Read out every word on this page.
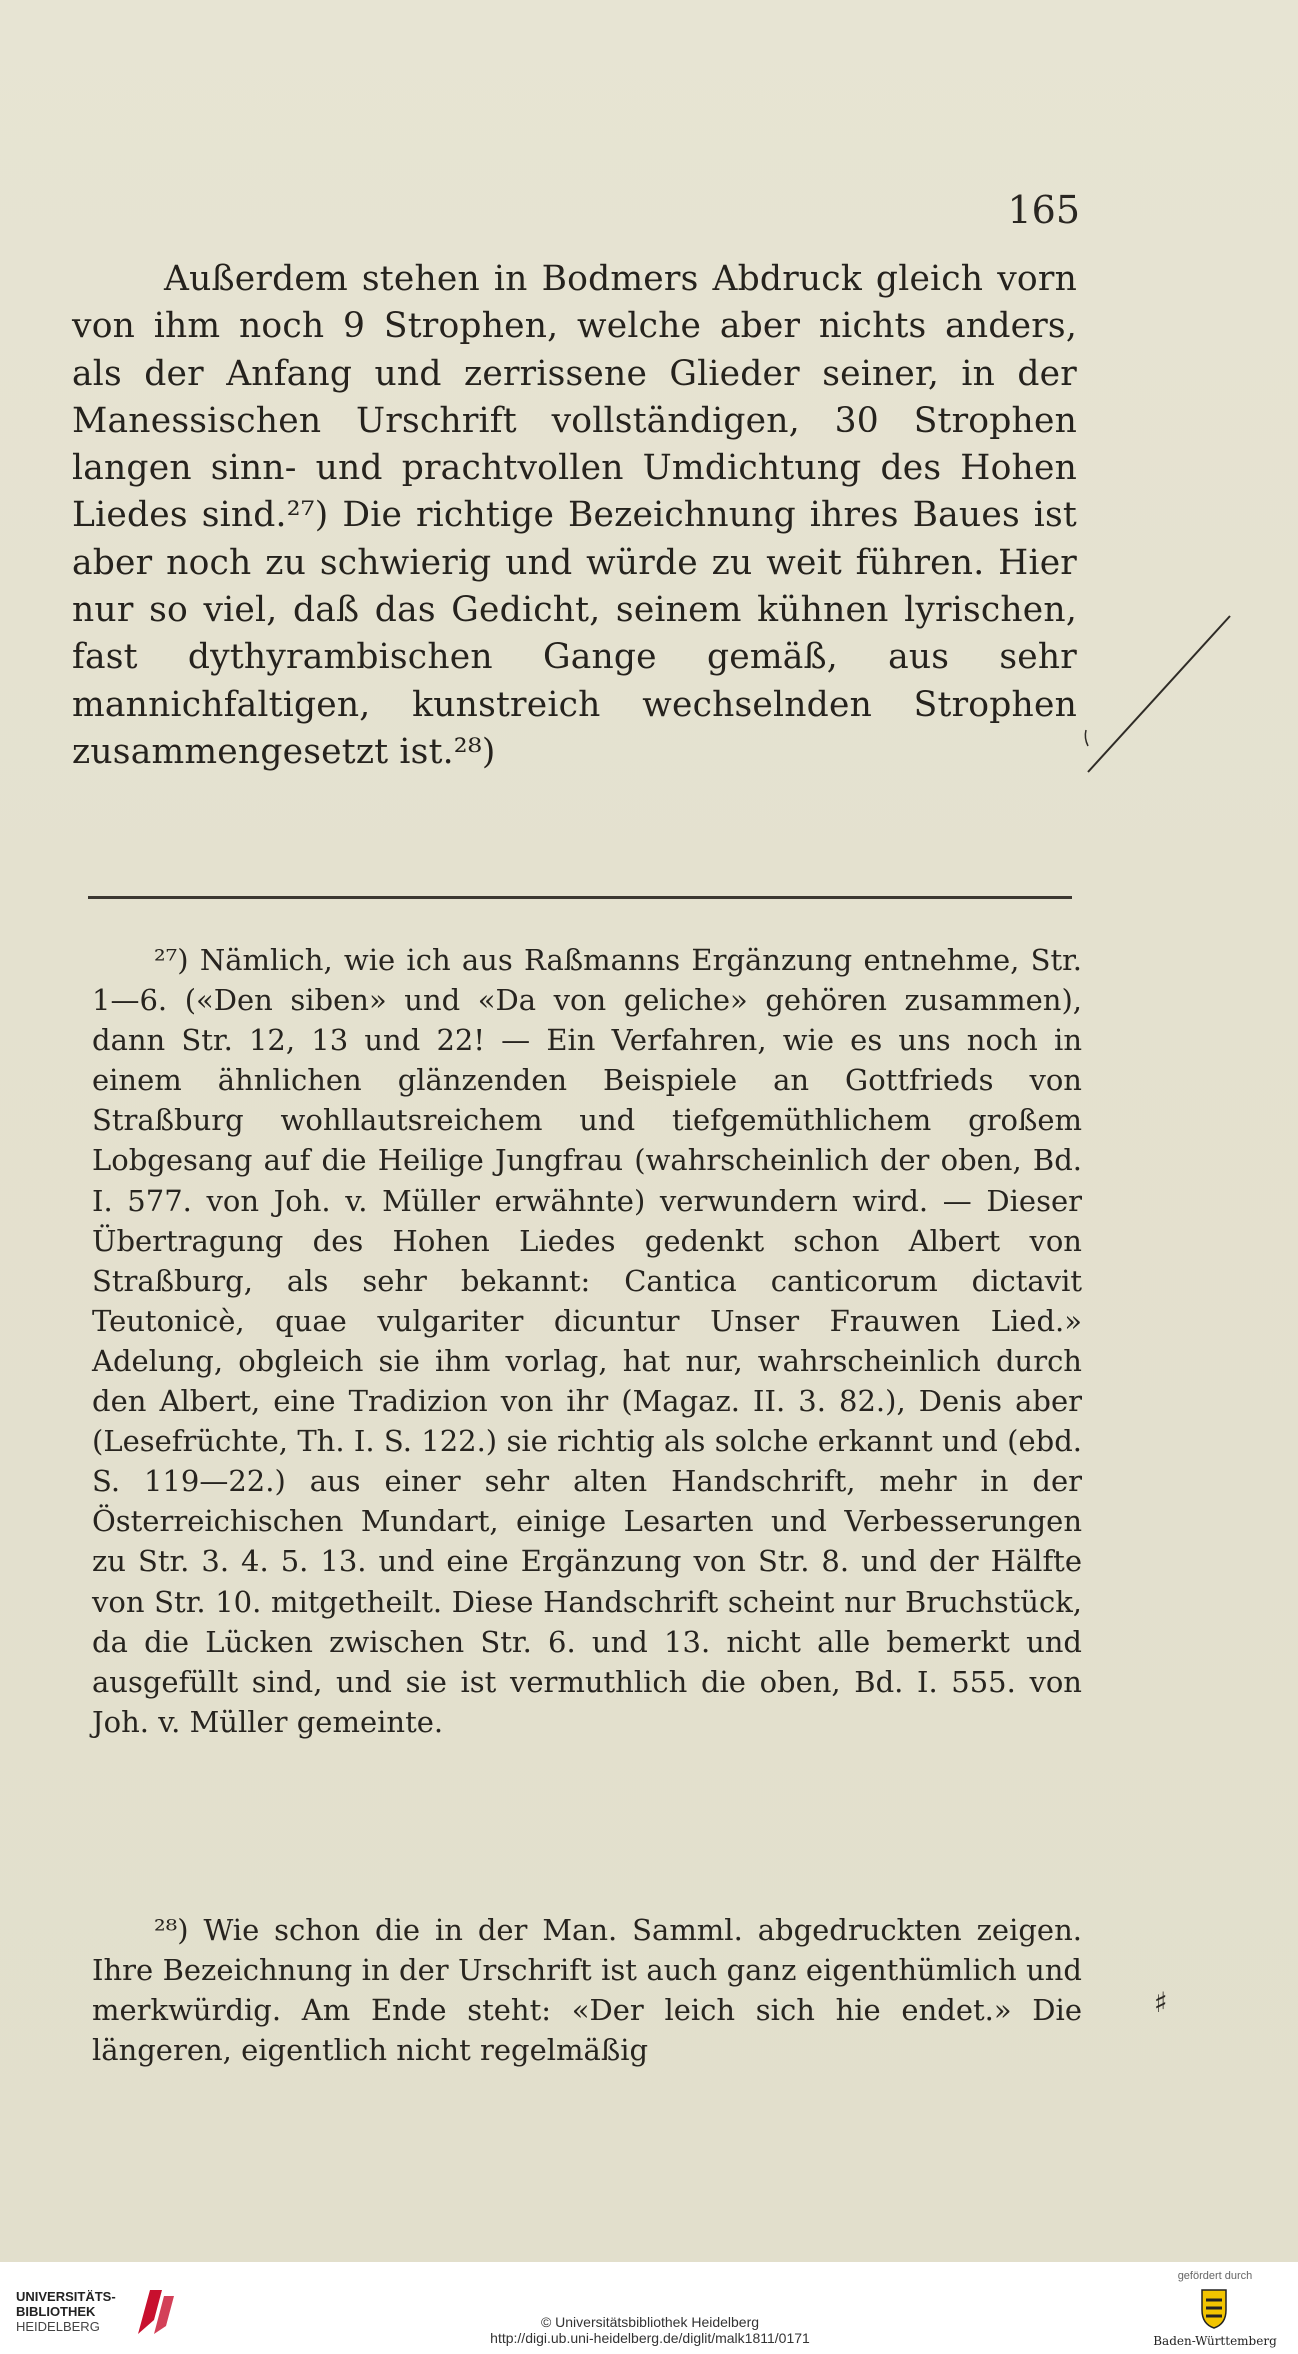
165

Außerdem stehen in Bodmers Abdruck gleich vorn von ihm noch 9 Strophen, welche aber nichts anders, als der Anfang und zerrissene Glieder seiner, in der Manessischen Urschrift vollständigen, 30 Strophen langen sinn- und prachtvollen Umdichtung des Hohen Liedes sind.²⁷) Die richtige Bezeichnung ihres Baues ist aber noch zu schwierig und würde zu weit führen. Hier nur so viel, daß das Gedicht, seinem kühnen lyrischen, fast dythyrambischen Gange gemäß, aus sehr mannichfaltigen, kunstreich wechselnden Strophen zusammengesetzt ist.²⁸)

²⁷) Nämlich, wie ich aus Raßmanns Ergänzung entnehme, Str. 1—6. («Den siben» und «Da von geliche» gehören zusammen), dann Str. 12, 13 und 22! — Ein Verfahren, wie es uns noch in einem ähnlichen glänzenden Beispiele an Gottfrieds von Straßburg wohllautsreichem und tiefgemüthlichem großem Lobgesang auf die Heilige Jungfrau (wahrscheinlich der oben, Bd. I. 577. von Joh. v. Müller erwähnte) verwundern wird. — Dieser Übertragung des Hohen Liedes gedenkt schon Albert von Straßburg, als sehr bekannt: Cantica canticorum dictavit Teutonicè, quae vulgariter dicuntur Unser Frauwen Lied.» Adelung, obgleich sie ihm vorlag, hat nur, wahrscheinlich durch den Albert, eine Tradizion von ihr (Magaz. II. 3. 82.), Denis aber (Lesefrüchte, Th. I. S. 122.) sie richtig als solche erkannt und (ebd. S. 119—22.) aus einer sehr alten Handschrift, mehr in der Österreichischen Mundart, einige Lesarten und Verbesserungen zu Str. 3. 4. 5. 13. und eine Ergänzung von Str. 8. und der Hälfte von Str. 10. mitgetheilt. Diese Handschrift scheint nur Bruchstück, da die Lücken zwischen Str. 6. und 13. nicht alle bemerkt und ausgefüllt sind, und sie ist vermuthlich die oben, Bd. I. 555. von Joh. v. Müller gemeinte.

²⁸) Wie schon die in der Man. Samml. abgedruckten zeigen. Ihre Bezeichnung in der Urschrift ist auch ganz eigenthümlich und merkwürdig. Am Ende steht: «Der leich sich hie endet.» Die längeren, eigentlich nicht regelmäßig

♯
UNIVERSITÄTS-
BIBLIOTHEK
HEIDELBERG	© Universitätsbibliothek Heidelberg
http://digi.ub.uni-heidelberg.de/diglit/malk1811/0171
gefördert durch
Baden-Württemberg
